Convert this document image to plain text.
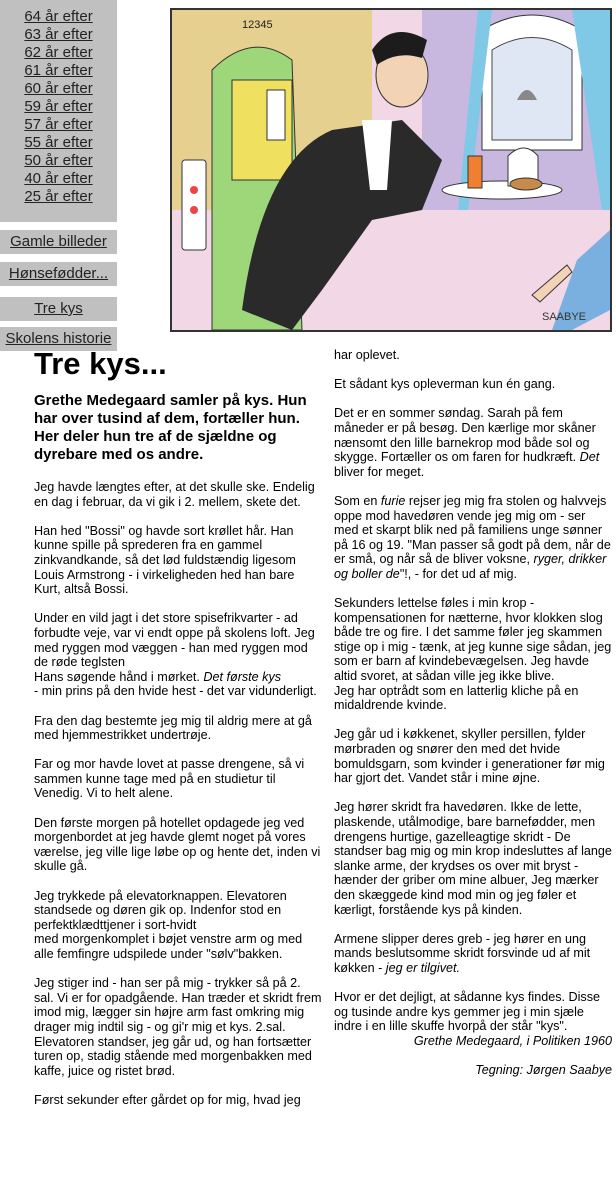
64 år efter
63 år efter
62 år efter
61 år efter
60 år efter
59 år efter
57 år efter
55 år efter
50 år efter
40 år efter
25 år efter
Gamle billeder
Hønsefødder...
Tre kys
Skolens historie
12345
SAABYE
Tre kys...

Grethe Medegaard samler på kys. Hun har over tusind af dem, fortæller hun. Her deler hun tre af de sjældne og dyrebare med os andre.

Jeg havde længtes efter, at det skulle ske. Endelig en dag i februar, da vi gik i 2. mellem, skete det.

Han hed "Bossi" og havde sort krøllet hår. Han kunne spille på sprederen fra en gammel zinkvandkande, så det lød fuldstændig ligesom Louis Armstrong - i virkeligheden hed han bare Kurt, altså Bossi.

Under en vild jagt i det store spisefrikvarter - ad forbudte veje, var vi endt oppe på skolens loft. Jeg med ryggen mod væggen - han med ryggen mod de røde teglsten
Hans søgende hånd i mørket. Det første kys
- min prins på den hvide hest - det var vidunderligt.

Fra den dag bestemte jeg mig til aldrig mere at gå med hjemmestrikket undertrøje.

Far og mor havde lovet at passe drengene, så vi sammen kunne tage med på en studietur til Venedig. Vi to helt alene.

Den første morgen på hotellet opdagede jeg ved morgenbordet at jeg havde glemt noget på vores værelse, jeg ville lige løbe op og hente det, inden vi skulle gå.

Jeg trykkede på elevatorknappen. Elevatoren standsede og døren gik op. Indenfor stod en perfektklædttjener i sort-hvidt
med morgenkomplet i bøjet venstre arm og med alle femfingre udspilede under "sølv"bakken.

Jeg stiger ind - han ser på mig - trykker så på 2. sal. Vi er for opadgående. Han træder et skridt frem imod mig, lægger sin højre arm fast omkring mig drager mig indtil sig - og gi'r mig et kys. 2.sal. Elevatoren standser, jeg går ud, og han fortsætter
turen op, stadig stående med morgenbakken med kaffe, juice og ristet brød.

Først sekunder efter gårdet op for mig, hvad jeg

har oplevet.

Et sådant kys opleverman kun én gang.

Det er en sommer søndag. Sarah på fem måneder er på besøg. Den kærlige mor skåner nænsomt den lille barnekrop mod både sol og skygge. Fortæller os om faren for hudkræft. Det bliver for meget.

Som en furie rejser jeg mig fra stolen og halvvejs oppe mod havedøren vende jeg mig om - ser med et skarpt blik ned på familiens unge sønner på 16 og 19. "Man passer så godt på dem, når de er små, og når så de bliver voksne, ryger, drikker og boller de"!, - for det ud af mig.

Sekunders lettelse føles i min krop - kompensationen for nætterne, hvor klokken slog både tre og fire. I det samme føler jeg skammen stige op i mig - tænk, at jeg kunne sige sådan, jeg som er barn af kvindebevægelsen. Jeg havde altid svoret, at sådan ville jeg ikke blive.
Jeg har optrådt som en latterlig kliche på en midaldrende kvinde.

Jeg går ud i køkkenet, skyller persillen, fylder mørbraden og snører den med det hvide bomuldsgarn, som kvinder i generationer før mig har gjort det. Vandet står i mine øjne.

Jeg hører skridt fra havedøren. Ikke de lette, plaskende, utålmodige, bare barnefødder, men drengens hurtige, gazelleagtige skridt - De standser bag mig og min krop indesluttes af lange slanke arme, der krydses os over mit bryst - hænder der griber om mine albuer, Jeg mærker den skæggede kind mod min og jeg føler et kærligt, forstående kys på kinden.

Armene slipper deres greb - jeg hører en ung mands beslutsomme skridt forsvinde ud af mit køkken - jeg er tilgivet.

Hvor er det dejligt, at sådanne kys findes. Disse og tusinde andre kys gemmer jeg i min sjæle indre i en lille skuffe hvorpå der står "kys".

Grethe Medegaard, i Politiken 1960

Tegning: Jørgen Saabye
